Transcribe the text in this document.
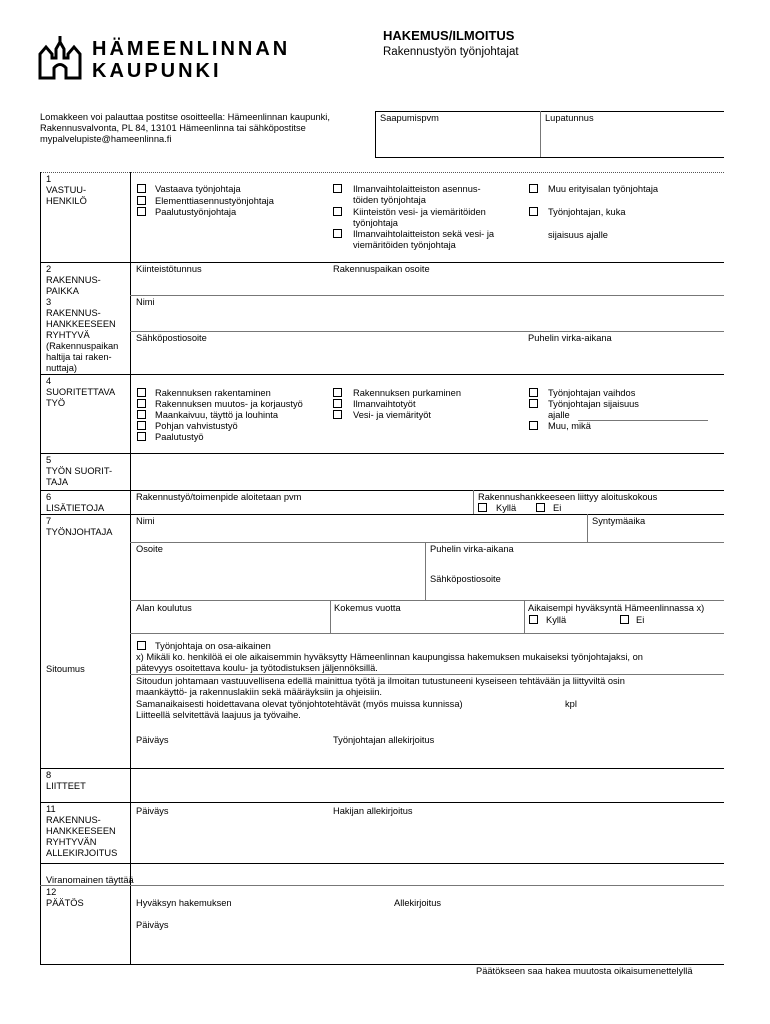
HÄMEENLINNAN
KAUPUNKI
HAKEMUS/ILMOITUS
Rakennustyön työnjohtajat
Lomakkeen voi palauttaa postitse osoitteella: Hämeenlinnan kaupunki,
Rakennusvalvonta, PL 84, 13101 Hämeenlinna tai sähköpostitse
mypalvelupiste@hameenlinna.fi
Saapumispvm	Lupatunnus
1
VASTUU-
HENKILÖ
Vastaava työnjohtaja
Elementtiasennustyönjohtaja
Paalutustyönjohtaja
Ilmanvaihtolaitteiston asennus-
töiden työnjohtaja
Kiinteistön vesi- ja viemäritöiden
työnjohtaja
Ilmanvaihtolaitteiston sekä vesi- ja
viemäritöiden työnjohtaja
Muu erityisalan työnjohtaja
Työnjohtajan, kuka
sijaisuus ajalle
2
RAKENNUS-
PAIKKA
Kiinteistötunnus	Rakennuspaikan osoite
3
RAKENNUS-
HANKKEESEEN
RYHTYVÄ
(Rakennuspaikan
haltija tai raken-
nuttaja)
Nimi
Sähköpostiosoite	Puhelin virka-aikana
4
SUORITETTAVA
TYÖ
Rakennuksen rakentaminen
Rakennuksen muutos- ja korjaustyö
Maankaivuu, täyttö ja louhinta
Pohjan vahvistustyö
Paalutustyö
Rakennuksen purkaminen
Ilmanvaihtotyöt
Vesi- ja viemärityöt
Työnjohtajan vaihdos
Työnjohtajan sijaisuus
ajalle
Muu, mikä
5
TYÖN SUORIT-
TAJA
6
LISÄTIETOJA
Rakennustyö/toimenpide aloitetaan pvm	Rakennushankkeeseen liittyy aloituskokous
Kyllä	Ei
7
TYÖNJOHTAJA
Nimi	Syntymäaika
Osoite	Puhelin virka-aikana
Sähköpostiosoite
Alan koulutus	Kokemus vuotta	Aikaisempi hyväksyntä Hämeenlinnassa x)
Kyllä	Ei
Työnjohtaja on osa-aikainen
x) Mikäli ko. henkilöä ei ole aikaisemmin hyväksytty Hämeenlinnan kaupungissa hakemuksen mukaiseksi työnjohtajaksi, on
pätevyys osoitettava koulu- ja työtodistuksen jäljennöksillä.
Sitoumus
Sitoudun johtamaan vastuuvellisena edellä mainittua työtä ja ilmoitan tutustuneeni kyseiseen tehtävään ja liittyviltä osin
maankäyttö- ja rakennuslakiin sekä määräyksiin ja ohjeisiin.
Samanaikaisesti hoidettavana olevat työnjohtotehtävät (myös muissa kunnissa)	kpl
Liitteellä selvitettävä laajuus ja työvaihe.
Päiväys	Työnjohtajan allekirjoitus
8
LIITTEET
11
RAKENNUS-
HANKKEESEEN
RYHTYVÄN
ALLEKIRJOITUS
Päiväys	Hakijan allekirjoitus
Viranomainen täyttää
12
PÄÄTÖS	Hyväksyn hakemuksen	Allekirjoitus
Päiväys
Päätökseen saa hakea muutosta oikaisumenettelyllä
